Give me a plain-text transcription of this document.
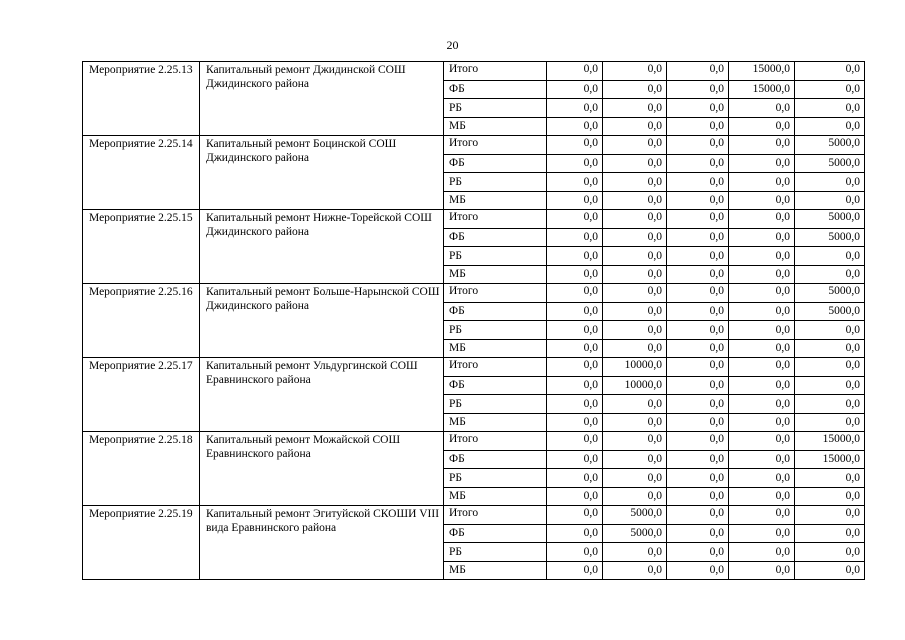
20
Мероприятие 2.25.13	Капитальный ремонт Джидинской СОШ Джидинского района	Итого	0,0	0,0	0,0	15000,0	0,0
		ФБ	0,0	0,0	0,0	15000,0	0,0
		РБ	0,0	0,0	0,0	0,0	0,0
		МБ	0,0	0,0	0,0	0,0	0,0
Мероприятие 2.25.14	Капитальный ремонт Боцинской СОШ Джидинского района	Итого	0,0	0,0	0,0	0,0	5000,0
		ФБ	0,0	0,0	0,0	0,0	5000,0
		РБ	0,0	0,0	0,0	0,0	0,0
		МБ	0,0	0,0	0,0	0,0	0,0
Мероприятие 2.25.15	Капитальный ремонт Нижне-Торейской СОШ Джидинского района	Итого	0,0	0,0	0,0	0,0	5000,0
		ФБ	0,0	0,0	0,0	0,0	5000,0
		РБ	0,0	0,0	0,0	0,0	0,0
		МБ	0,0	0,0	0,0	0,0	0,0
Мероприятие 2.25.16	Капитальный ремонт Больше-Нарынской СОШ Джидинского района	Итого	0,0	0,0	0,0	0,0	5000,0
		ФБ	0,0	0,0	0,0	0,0	5000,0
		РБ	0,0	0,0	0,0	0,0	0,0
		МБ	0,0	0,0	0,0	0,0	0,0
Мероприятие 2.25.17	Капитальный ремонт Ульдургинской СОШ Еравнинского района	Итого	0,0	10000,0	0,0	0,0	0,0
		ФБ	0,0	10000,0	0,0	0,0	0,0
		РБ	0,0	0,0	0,0	0,0	0,0
		МБ	0,0	0,0	0,0	0,0	0,0
Мероприятие 2.25.18	Капитальный ремонт Можайской СОШ Еравнинского района	Итого	0,0	0,0	0,0	0,0	15000,0
		ФБ	0,0	0,0	0,0	0,0	15000,0
		РБ	0,0	0,0	0,0	0,0	0,0
		МБ	0,0	0,0	0,0	0,0	0,0
Мероприятие 2.25.19	Капитальный ремонт Эгитуйской СКОШИ VIII вида Еравнинского района	Итого	0,0	5000,0	0,0	0,0	0,0
		ФБ	0,0	5000,0	0,0	0,0	0,0
		РБ	0,0	0,0	0,0	0,0	0,0
		МБ	0,0	0,0	0,0	0,0	0,0
